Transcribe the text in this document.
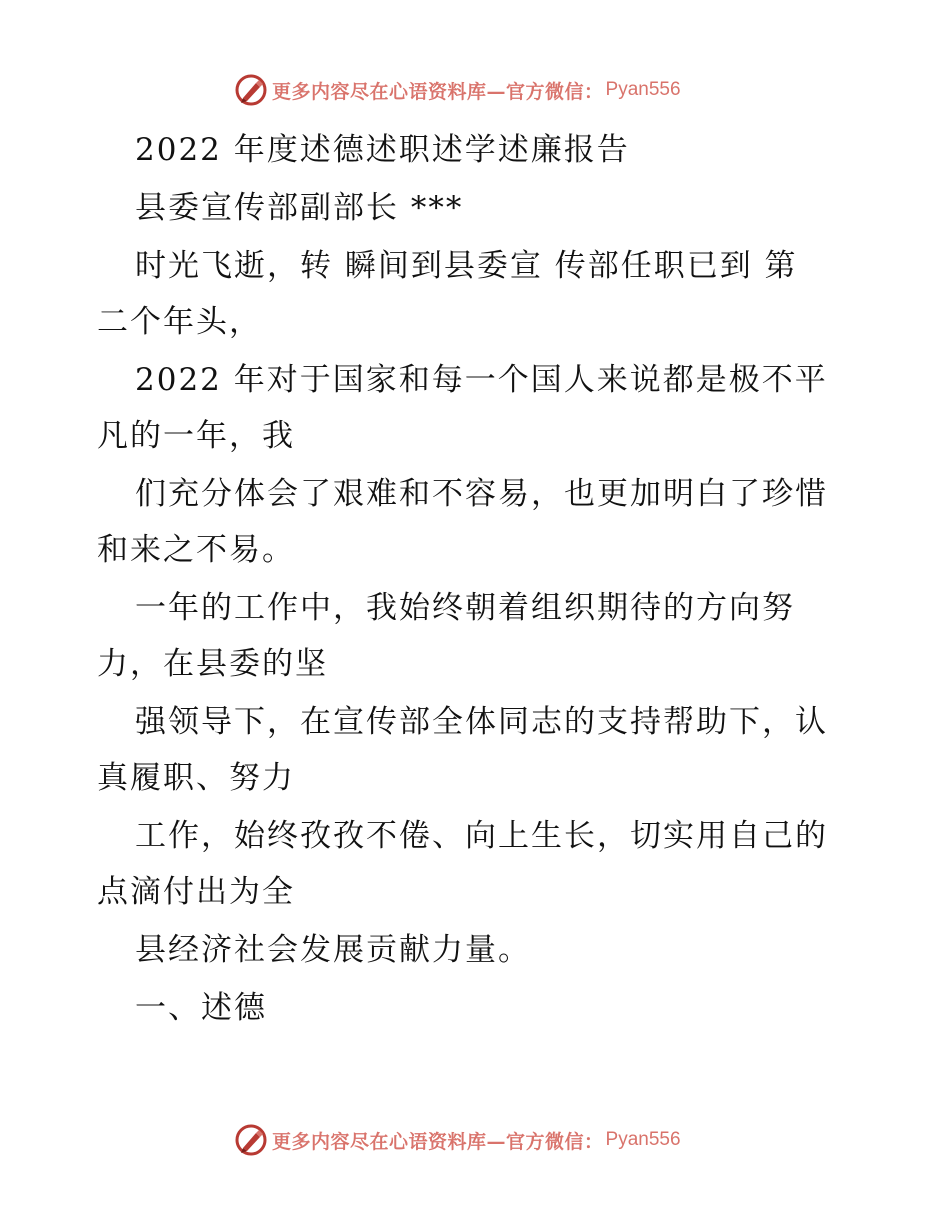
更多内容尽在心语资料库—官方微信： Pyan556
2022 年度述德述职述学述廉报告
县委宣传部副部长 ***
时光飞逝，转 瞬间到县委宣 传部任职已到 第
二个年头，
2022 年对于国家和每一个国人来说都是极不平
凡的一年，我
们充分体会了艰难和不容易，也更加明白了珍惜
和来之不易。
一年的工作中，我始终朝着组织期待的方向努
力，在县委的坚
强领导下，在宣传部全体同志的支持帮助下，认
真履职、努力
工作，始终孜孜不倦、向上生长，切实用自己的
点滴付出为全
县经济社会发展贡献力量。
一、述德
更多内容尽在心语资料库—官方微信： Pyan556
